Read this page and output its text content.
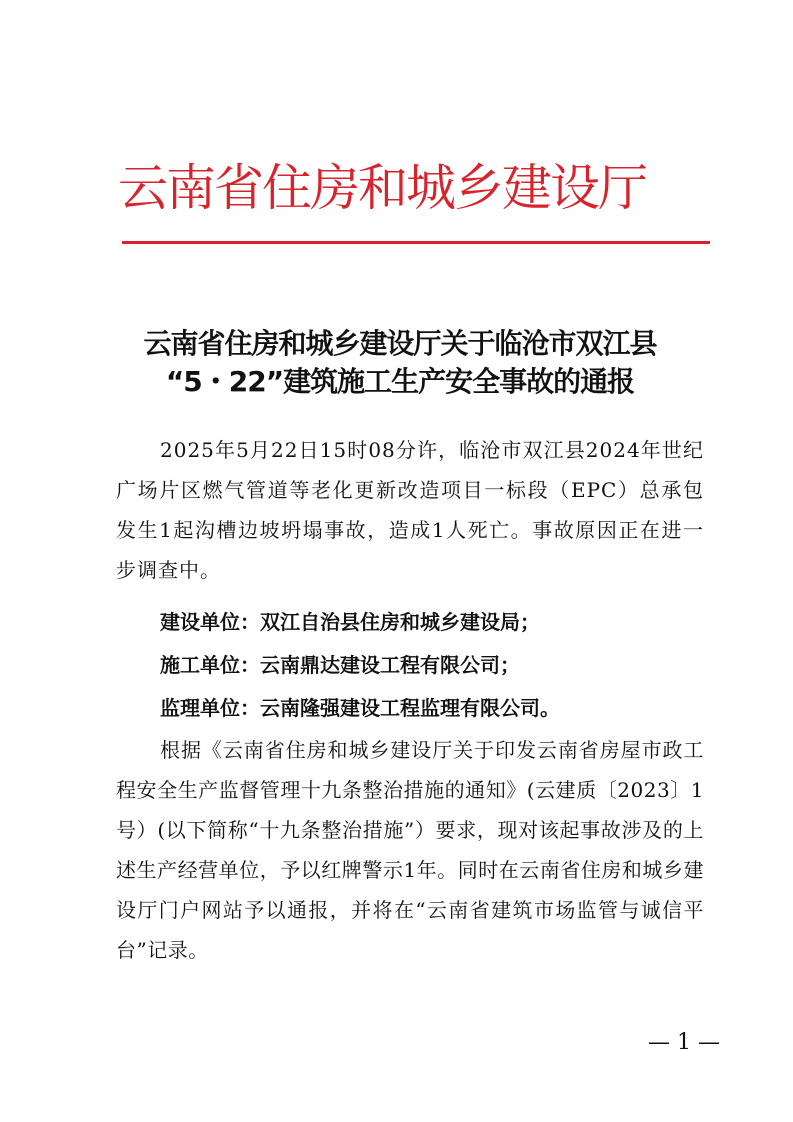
云南省住房和城乡建设厅
云南省住房和城乡建设厅关于临沧市双江县
“5・22”建筑施工生产安全事故的通报

2025年5月22日15时08分许，临沧市双江县2024年世纪广场片区燃气管道等老化更新改造项目一标段（EPC）总承包发生1起沟槽边坡坍塌事故，造成1人死亡。事故原因正在进一步调查中。

建设单位：双江自治县住房和城乡建设局；

施工单位：云南鼎达建设工程有限公司；

监理单位：云南隆强建设工程监理有限公司。

根据《云南省住房和城乡建设厅关于印发云南省房屋市政工程安全生产监督管理十九条整治措施的通知》(云建质〔2023〕1号）(以下简称“十九条整治措施”）要求，现对该起事故涉及的上述生产经营单位，予以红牌警示1年。同时在云南省住房和城乡建设厅门户网站予以通报，并将在“云南省建筑市场监管与诚信平台”记录。

— 1 —
